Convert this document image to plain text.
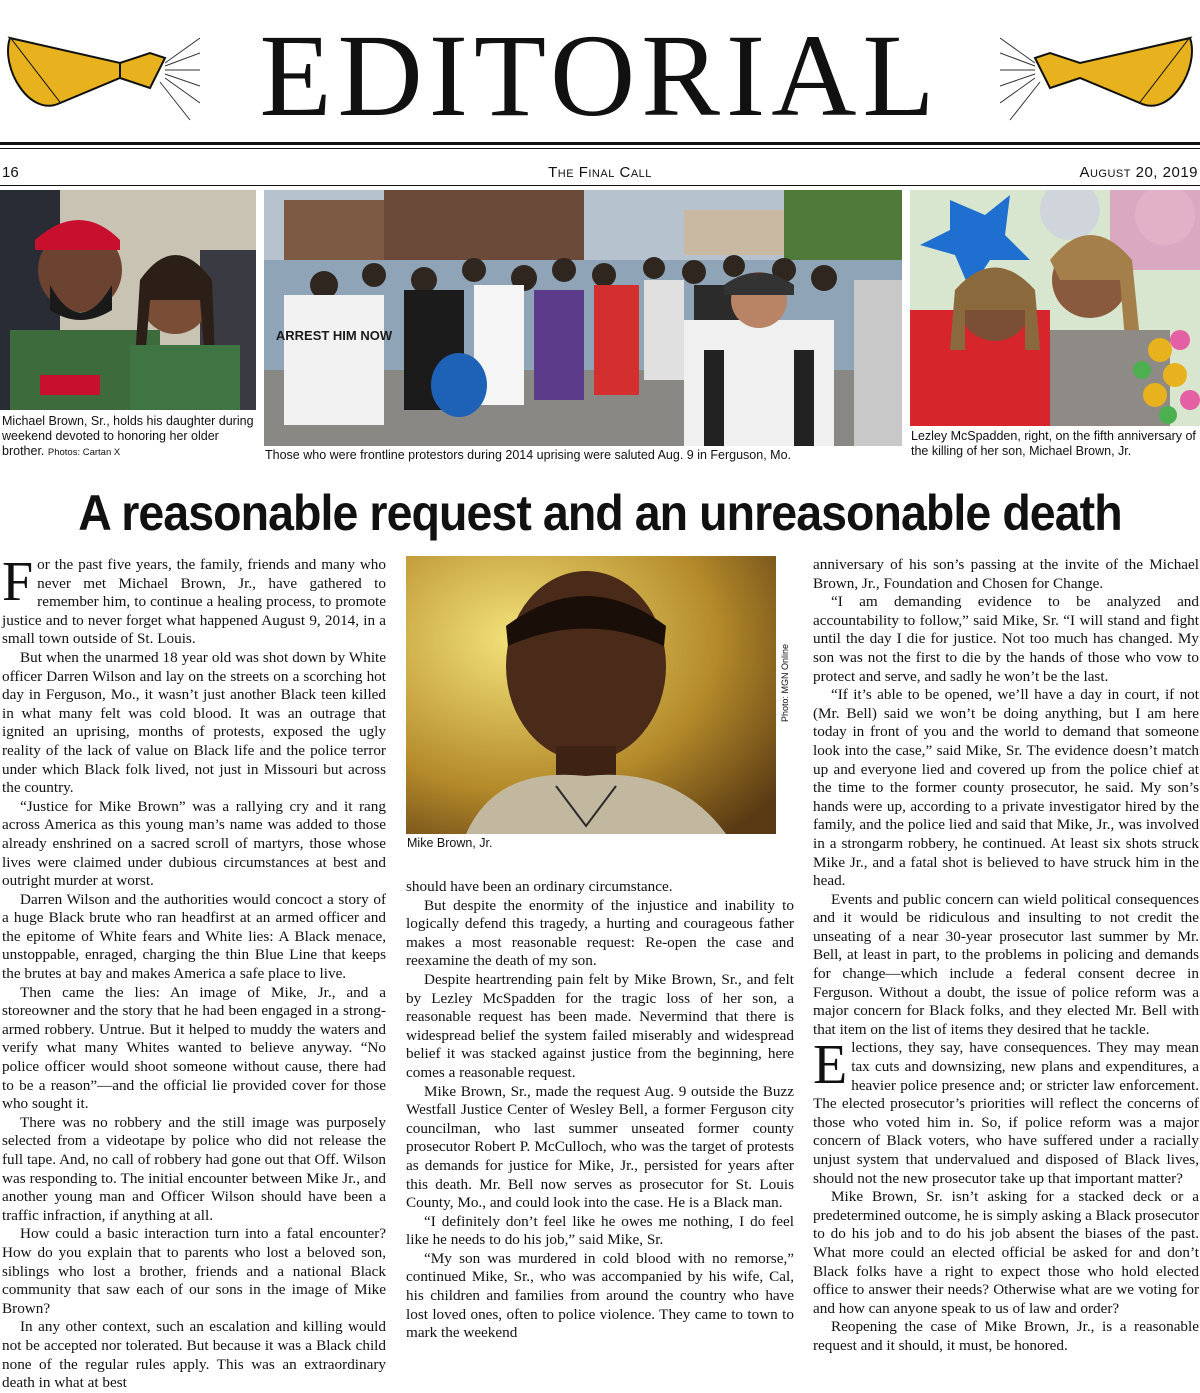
EDITORIAL
16	The Final Call	August 20, 2019
Michael Brown, Sr., holds his daughter during weekend devoted to honoring her older brother. Photos: Cartan X
ARREST HIM NOW
Those who were frontline protestors during 2014 uprising were saluted Aug. 9 in Ferguson, Mo.
Lezley McSpadden, right, on the fifth anniversary of the killing of her son, Michael Brown, Jr.
A reasonable request and an unreasonable death

For the past five years, the family, friends and many who never met Michael Brown, Jr., have gathered to remember him, to continue a healing process, to promote justice and to never forget what happened August 9, 2014, in a small town outside of St. Louis.

But when the unarmed 18 year old was shot down by White officer Darren Wilson and lay on the streets on a scorching hot day in Ferguson, Mo., it wasn’t just another Black teen killed in what many felt was cold blood. It was an outrage that ignited an uprising, months of protests, exposed the ugly reality of the lack of value on Black life and the police terror under which Black folk lived, not just in Missouri but across the country.

“Justice for Mike Brown” was a rallying cry and it rang across America as this young man’s name was added to those already enshrined on a sacred scroll of martyrs, those whose lives were claimed under dubious circumstances at best and outright murder at worst.

Darren Wilson and the authorities would concoct a story of a huge Black brute who ran headfirst at an armed officer and the epitome of White fears and White lies: A Black menace, unstoppable, enraged, charging the thin Blue Line that keeps the brutes at bay and makes America a safe place to live.

Then came the lies: An image of Mike, Jr., and a storeowner and the story that he had been engaged in a strong-armed robbery. Untrue. But it helped to muddy the waters and verify what many Whites wanted to believe anyway. “No police officer would shoot someone without cause, there had to be a reason”—and the official lie provided cover for those who sought it.

There was no robbery and the still image was purposely selected from a videotape by police who did not release the full tape. And, no call of robbery had gone out that Off. Wilson was responding to. The initial encounter between Mike Jr., and another young man and Officer Wilson should have been a traffic infraction, if anything at all.

How could a basic interaction turn into a fatal encounter? How do you explain that to parents who lost a beloved son, siblings who lost a brother, friends and a national Black community that saw each of our sons in the image of Mike Brown?

In any other context, such an escalation and killing would not be accepted nor tolerated. But because it was a Black child none of the regular rules apply. This was an extraordinary death in what at best

Photo: MGN Online
Mike Brown, Jr.

should have been an ordinary circumstance.

But despite the enormity of the injustice and inability to logically defend this tragedy, a hurting and courageous father makes a most reasonable request: Re-open the case and reexamine the death of my son.

Despite heartrending pain felt by Mike Brown, Sr., and felt by Lezley McSpadden for the tragic loss of her son, a reasonable request has been made. Nevermind that there is widespread belief the system failed miserably and widespread belief it was stacked against justice from the beginning, here comes a reasonable request.

Mike Brown, Sr., made the request Aug. 9 outside the Buzz Westfall Justice Center of Wesley Bell, a former Ferguson city councilman, who last summer unseated former county prosecutor Robert P. McCulloch, who was the target of protests as demands for justice for Mike, Jr., persisted for years after this death. Mr. Bell now serves as prosecutor for St. Louis County, Mo., and could look into the case. He is a Black man.

“I definitely don’t feel like he owes me nothing, I do feel like he needs to do his job,” said Mike, Sr.

“My son was murdered in cold blood with no remorse,” continued Mike, Sr., who was accompanied by his wife, Cal, his children and families from around the country who have lost loved ones, often to police violence. They came to town to mark the weekend

anniversary of his son’s passing at the invite of the Michael Brown, Jr., Foundation and Chosen for Change.

“I am demanding evidence to be analyzed and accountability to follow,” said Mike, Sr. “I will stand and fight until the day I die for justice. Not too much has changed. My son was not the first to die by the hands of those who vow to protect and serve, and sadly he won’t be the last.

“If it’s able to be opened, we’ll have a day in court, if not (Mr. Bell) said we won’t be doing anything, but I am here today in front of you and the world to demand that someone look into the case,” said Mike, Sr. The evidence doesn’t match up and everyone lied and covered up from the police chief at the time to the former county prosecutor, he said. My son’s hands were up, according to a private investigator hired by the family, and the police lied and said that Mike, Jr., was involved in a strongarm robbery, he continued. At least six shots struck Mike Jr., and a fatal shot is believed to have struck him in the head.

Events and public concern can wield political consequences and it would be ridiculous and insulting to not credit the unseating of a near 30-year prosecutor last summer by Mr. Bell, at least in part, to the problems in policing and demands for change—which include a federal consent decree in Ferguson. Without a doubt, the issue of police reform was a major concern for Black folks, and they elected Mr. Bell with that item on the list of items they desired that he tackle.

Elections, they say, have consequences. They may mean tax cuts and downsizing, new plans and expenditures, a heavier police presence and; or stricter law enforcement. The elected prosecutor’s priorities will reflect the concerns of those who voted him in. So, if police reform was a major concern of Black voters, who have suffered under a racially unjust system that undervalued and disposed of Black lives, should not the new prosecutor take up that important matter?

Mike Brown, Sr. isn’t asking for a stacked deck or a predetermined outcome, he is simply asking a Black prosecutor to do his job and to do his job absent the biases of the past. What more could an elected official be asked for and don’t Black folks have a right to expect those who hold elected office to answer their needs? Otherwise what are we voting for and how can anyone speak to us of law and order?

Reopening the case of Mike Brown, Jr., is a reasonable request and it should, it must, be honored.
